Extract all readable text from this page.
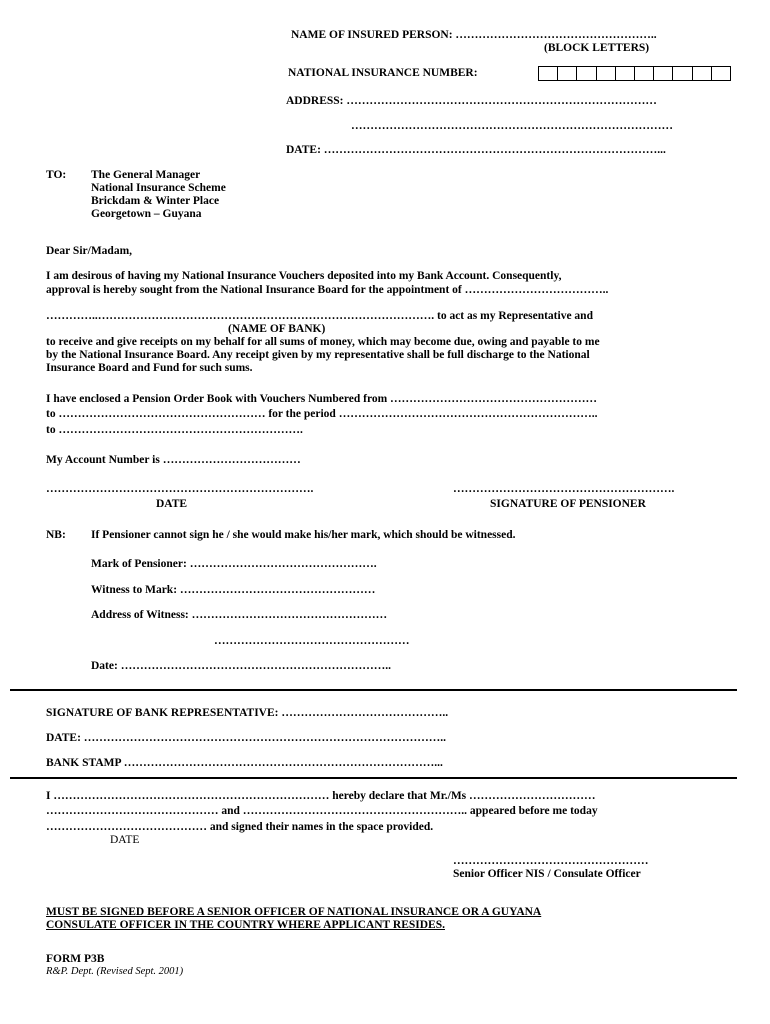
NAME OF INSURED PERSON: ……………………………………………..
(BLOCK LETTERS)
NATIONAL INSURANCE NUMBER:
ADDRESS: ………………………………………………………………………
…………………………………………………………………………
DATE: ……………………………………………………………………………...
TO: The General Manager
National Insurance Scheme
Brickdam & Winter Place
Georgetown – Guyana
Dear Sir/Madam,
I am desirous of having my National Insurance Vouchers deposited into my Bank Account. Consequently,
approval is hereby sought from the National Insurance Board for the appointment of ………………………………..
…………..……………………………………………………………………………. to act as my Representative and
(NAME OF BANK)
to receive and give receipts on my behalf for all sums of money, which may become due, owing and payable to me
by the National Insurance Board. Any receipt given by my representative shall be full discharge to the National
Insurance Board and Fund for such sums.
I have enclosed a Pension Order Book with Vouchers Numbered from ………………………………………………
to ……………………………………………… for the period …………………………………………………………..
to ……………………………………………………….
My Account Number is ………………………………
…………………………………………………………….	………………………………………………….
DATE	SIGNATURE OF PENSIONER
NB: If Pensioner cannot sign he / she would make his/her mark, which should be witnessed.
Mark of Pensioner: ………………………………………….
Witness to Mark: ……………………………………………
Address of Witness: ……………………………………………
……………………………………………
Date: ……………………………………………………………..
SIGNATURE OF BANK REPRESENTATIVE: ……………………………………..
DATE: …………………………………………………………………………………..
BANK STAMP ………………………………………………………………………...
I ……………………………………………………………… hereby declare that Mr./Ms ……………………………
……………………………………… and ………………………………………………….. appeared before me today
…………………………………… and signed their names in the space provided.
DATE
……………………………………………
Senior Officer NIS / Consulate Officer
MUST BE SIGNED BEFORE A SENIOR OFFICER OF NATIONAL INSURANCE OR A GUYANA
CONSULATE OFFICER IN THE COUNTRY WHERE APPLICANT RESIDES.
FORM P3B
R&P. Dept. (Revised Sept. 2001)
